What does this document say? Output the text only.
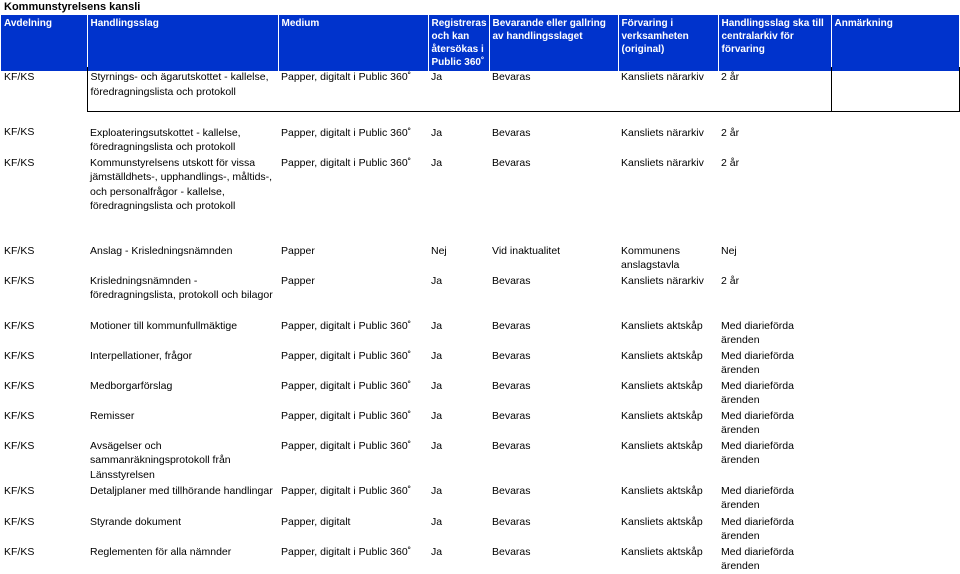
Kommunstyrelsens kansli
Avdelning	Handlingsslag	Medium	Registreras och kan återsökas i Public 360˚	Bevarande eller gallring av handlingsslaget	Förvaring i verksamheten (original)	Handlingsslag ska till centralarkiv för förvaring	Anmärkning
KF/KS	Styrnings- och ägarutskottet - kallelse, föredragningslista och protokoll	Papper, digitalt i Public 360˚	Ja	Bevaras	Kansliets närarkiv	2 år	
KF/KS	Exploateringsutskottet - kallelse, föredragningslista och protokoll	Papper, digitalt i Public 360˚	Ja	Bevaras	Kansliets närarkiv	2 år	
KF/KS	Kommunstyrelsens utskott för vissa jämställdhets-, upphandlings-, måltids-, och personalfrågor - kallelse, föredragningslista och protokoll	Papper, digitalt i Public 360˚	Ja	Bevaras	Kansliets närarkiv	2 år	
KF/KS	Anslag - Krisledningsnämnden	Papper	Nej	Vid inaktualitet	Kommunens anslagstavla	Nej	
KF/KS	Krisledningsnämnden - föredragningslista, protokoll och bilagor	Papper	Ja	Bevaras	Kansliets närarkiv	2 år	
KF/KS	Motioner till kommunfullmäktige	Papper, digitalt i Public 360˚	Ja	Bevaras	Kansliets aktskåp	Med diarieförda ärenden	
KF/KS	Interpellationer, frågor	Papper, digitalt i Public 360˚	Ja	Bevaras	Kansliets aktskåp	Med diarieförda ärenden	
KF/KS	Medborgarförslag	Papper, digitalt i Public 360˚	Ja	Bevaras	Kansliets aktskåp	Med diarieförda ärenden	
KF/KS	Remisser	Papper, digitalt i Public 360˚	Ja	Bevaras	Kansliets aktskåp	Med diarieförda ärenden	
KF/KS	Avsägelser och sammanräkningsprotokoll från Länsstyrelsen	Papper, digitalt i Public 360˚	Ja	Bevaras	Kansliets aktskåp	Med diarieförda ärenden	
KF/KS	Detaljplaner med tillhörande handlingar	Papper, digitalt i Public 360˚	Ja	Bevaras	Kansliets aktskåp	Med diarieförda ärenden	
KF/KS	Styrande dokument	Papper, digitalt	Ja	Bevaras	Kansliets aktskåp	Med diarieförda ärenden	
KF/KS	Reglementen för alla nämnder	Papper, digitalt i Public 360˚	Ja	Bevaras	Kansliets aktskåp	Med diarieförda ärenden	
